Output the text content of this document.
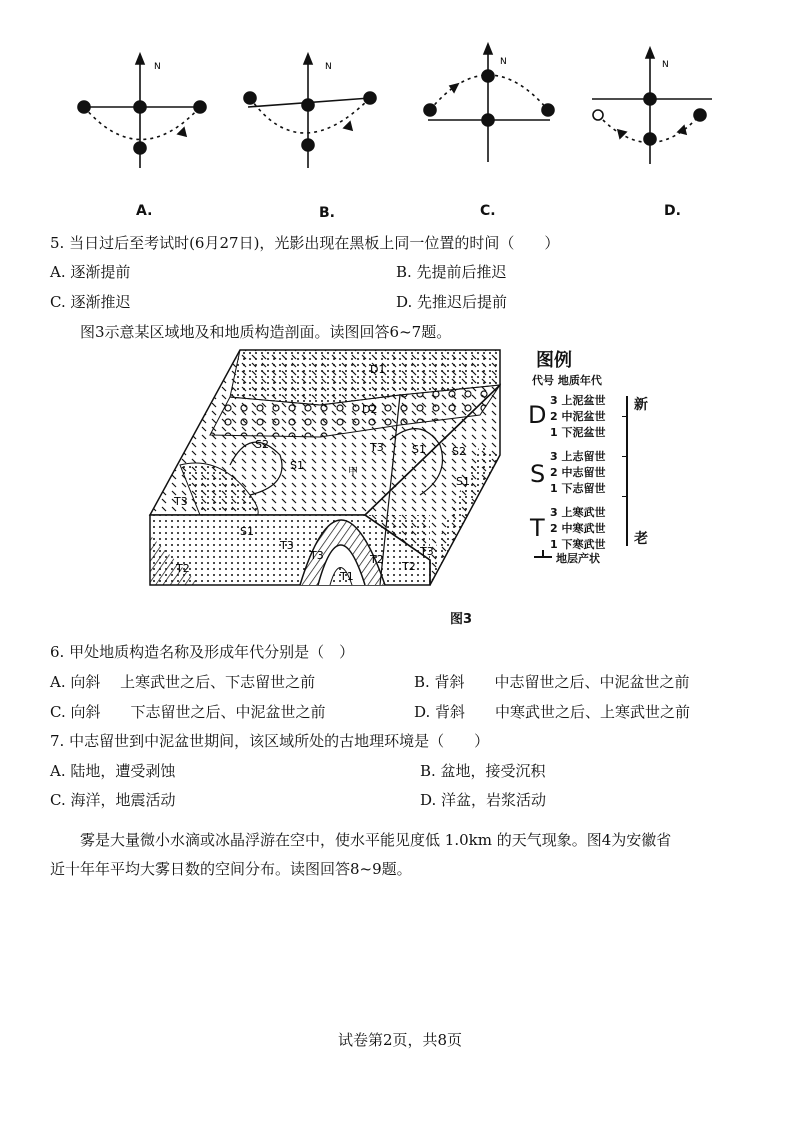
N	N	N	N
A.	B.	C.	D.
5. 当日过后至考试时(6月27日)，光影出现在黑板上同一位置的时间（　　）
A. 逐渐提前	B. 先提前后推迟
C. 逐渐推迟	D. 先推迟后提前
图3示意某区域地及和地质构造剖面。读图回答6~7题。
D1
D2
S2
S1
S1 S2
S1
T3
T3
S1
T3
T2
T3	T2
T1
T3
T2
甲
图例
代号 地质年代
D
3 上泥盆世
2 中泥盆世
1 下泥盆世
S
3 上志留世
2 中志留世
1 下志留世
T
3 上寒武世
2 中寒武世
1 下寒武世
地层产状
新
老
图3
6. 甲处地质构造名称及形成年代分别是（　）
A. 向斜　 上寒武世之后、下志留世之前	B. 背斜　　中志留世之后、中泥盆世之前
C. 向斜　　下志留世之后、中泥盆世之前	D. 背斜　　中寒武世之后、上寒武世之前
7. 中志留世到中泥盆世期间，该区域所处的古地理环境是（　　）
A. 陆地，遭受剥蚀	B. 盆地，接受沉积
C. 海洋，地震活动	D. 洋盆，岩浆活动
雾是大量微小水滴或冰晶浮游在空中，使水平能见度低 1.0km 的天气现象。图4为安徽省
近十年年平均大雾日数的空间分布。读图回答8~9题。
试卷第2页，共8页
